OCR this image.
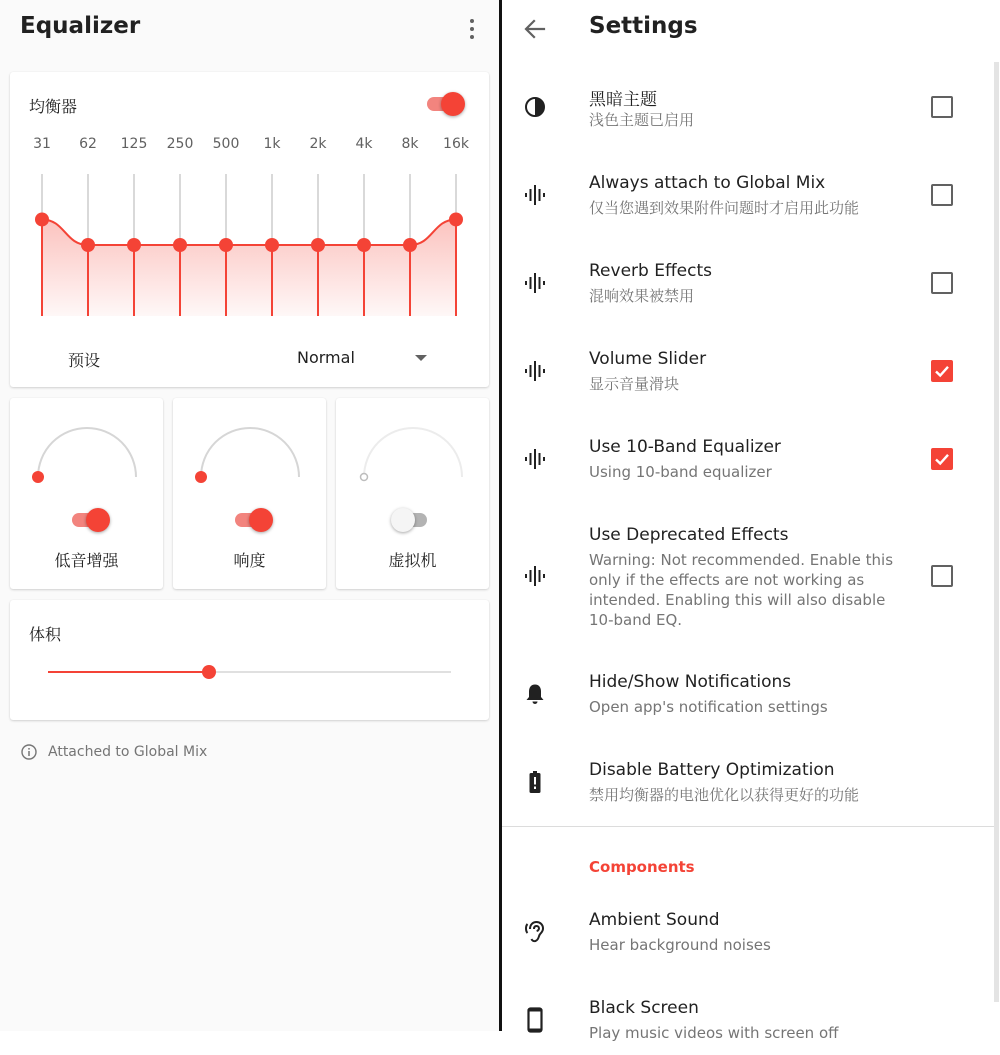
Equalizer
均衡器
31	62	125	250	500	1k	2k	4k	8k	16k
预设	Normal
低音增强	响度	虚拟机
体积
Attached to Global Mix
Settings
黑暗主题
浅色主题已启用
Always attach to Global Mix
仅当您遇到效果附件问题时才启用此功能
Reverb Effects
混响效果被禁用
Volume Slider
显示音量滑块
Use 10-Band Equalizer
Using 10-band equalizer
Use Deprecated Effects
Warning: Not recommended. Enable this only if the effects are not working as intended. Enabling this will also disable 10-band EQ.
Hide/Show Notifications
Open app's notification settings
Disable Battery Optimization
禁用均衡器的电池优化以获得更好的功能
Components
Ambient Sound
Hear background noises
Black Screen
Play music videos with screen off
